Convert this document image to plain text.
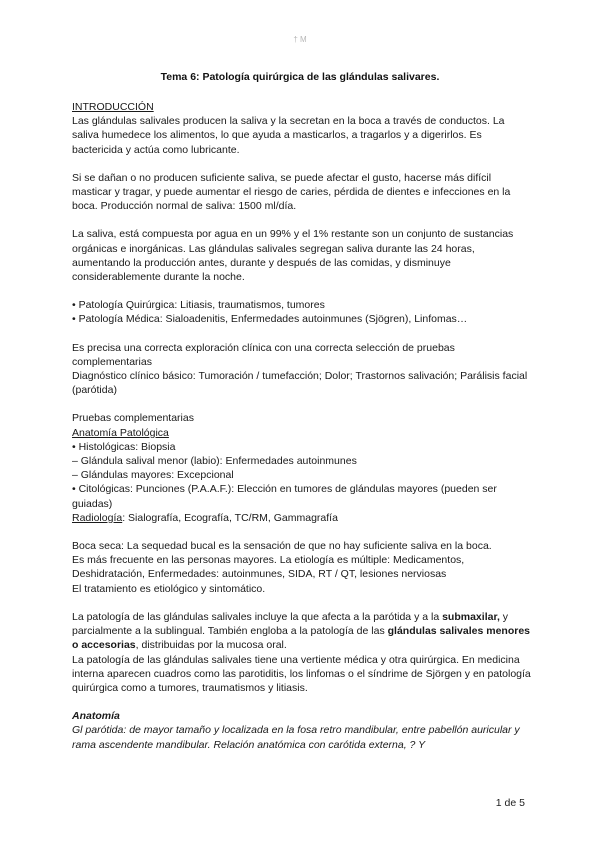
† M
Tema 6: Patología quirúrgica de las glándulas salivares.

INTRODUCCIÓN

Las glándulas salivales producen la saliva y la secretan en la boca a través de conductos. La saliva humedece los alimentos, lo que ayuda a masticarlos, a tragarlos y a digerirlos. Es bactericida y actúa como lubricante.

Si se dañan o no producen suficiente saliva, se puede afectar el gusto, hacerse más difícil masticar y tragar, y puede aumentar el riesgo de caries, pérdida de dientes e infecciones en la boca. Producción normal de saliva: 1500 ml/día.

La saliva, está compuesta por agua en un 99% y el 1% restante son un conjunto de sustancias orgánicas e inorgánicas. Las glándulas salivales segregan saliva durante las 24 horas, aumentando la producción antes, durante y después de las comidas, y disminuye considerablemente durante la noche.

• Patología Quirúrgica: Litiasis, traumatismos, tumores

• Patología Médica: Sialoadenitis, Enfermedades autoinmunes (Sjögren), Linfomas…

Es precisa una correcta exploración clínica con una correcta selección de pruebas complementarias

Diagnóstico clínico básico: Tumoración / tumefacción; Dolor; Trastornos salivación; Parálisis facial (parótida)

Pruebas complementarias

Anatomía Patológica

• Histológicas: Biopsia

– Glándula salival menor (labio): Enfermedades autoinmunes

– Glándulas mayores: Excepcional

• Citológicas: Punciones (P.A.A.F.): Elección en tumores de glándulas mayores (pueden ser guiadas)

Radiología: Sialografía, Ecografía, TC/RM, Gammagrafía

Boca seca: La sequedad bucal es la sensación de que no hay suficiente saliva en la boca.

Es más frecuente en las personas mayores. La etiología es múltiple: Medicamentos, Deshidratación, Enfermedades: autoinmunes, SIDA, RT / QT, lesiones nerviosas

El tratamiento es etiológico y sintomático.

La patología de las glándulas salivales incluye la que afecta a la parótida y a la submaxilar, y parcialmente a la sublingual. También engloba a la patología de las glándulas salivales menores o accesorias, distribuidas por la mucosa oral.

La patología de las glándulas salivales tiene una vertiente médica y otra quirúrgica. En medicina interna aparecen cuadros como las parotiditis, los linfomas o el síndrime de Sjörgen y en patología quirúrgica como a tumores, traumatismos y litiasis.

Anatomía

Gl parótida: de mayor tamaño y localizada en la fosa retro mandibular, entre pabellón auricular y rama ascendente mandibular. Relación anatómica con carótida externa, ? Y

1 de 5
